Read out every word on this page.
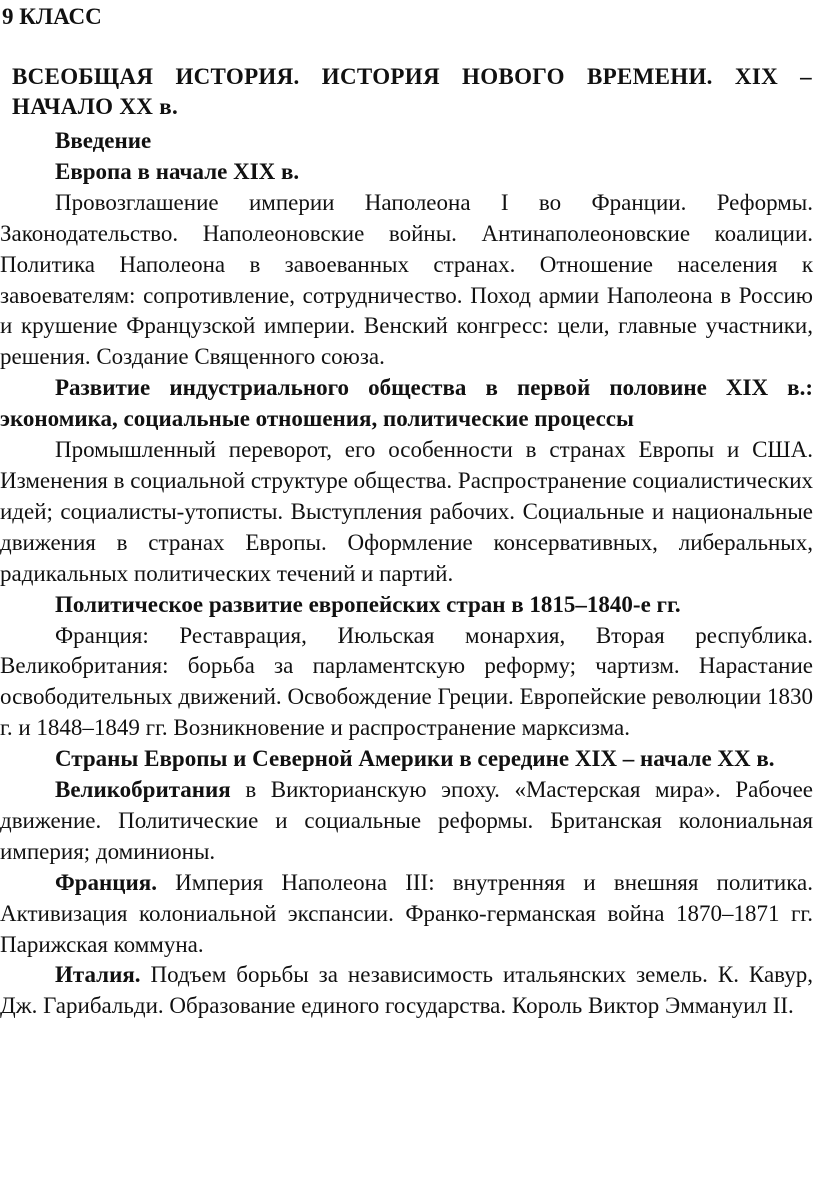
9 КЛАСС
ВСЕОБЩАЯ ИСТОРИЯ. ИСТОРИЯ НОВОГО ВРЕМЕНИ. XIX –
НАЧАЛО XX в.

Введение

Европа в начале XIX в.

Провозглашение империи Наполеона I во Франции. Реформы. Законодательство. Наполеоновские войны. Антинаполеоновские коалиции. Политика Наполеона в завоеванных странах. Отношение населения к завоевателям: сопротивление, сотрудничество. Поход армии Наполеона в Россию и крушение Французской империи. Венский конгресс: цели, главные участники, решения. Создание Священного союза.

Развитие индустриального общества в первой половине XIX в.: экономика, социальные отношения, политические процессы

Промышленный переворот, его особенности в странах Европы и США. Изменения в социальной структуре общества. Распространение социалистических идей; социалисты-утописты. Выступления рабочих. Социальные и национальные движения в странах Европы. Оформление консервативных, либеральных, радикальных политических течений и партий.

Политическое развитие европейских стран в 1815–1840-е гг.

Франция: Реставрация, Июльская монархия, Вторая республика. Великобритания: борьба за парламентскую реформу; чартизм. Нарастание освободительных движений. Освобождение Греции. Европейские революции 1830 г. и 1848–1849 гг. Возникновение и распространение марксизма.

Страны Европы и Северной Америки в середине XIX – начале XX в.

Великобритания в Викторианскую эпоху. «Мастерская мира». Рабочее движение. Политические и социальные реформы. Британская колониальная империя; доминионы.

Франция. Империя Наполеона III: внутренняя и внешняя политика. Активизация колониальной экспансии. Франко-германская война 1870–1871 гг. Парижская коммуна.

Италия. Подъем борьбы за независимость итальянских земель. К. Кавур, Дж. Гарибальди. Образование единого государства. Король Виктор Эммануил II.
